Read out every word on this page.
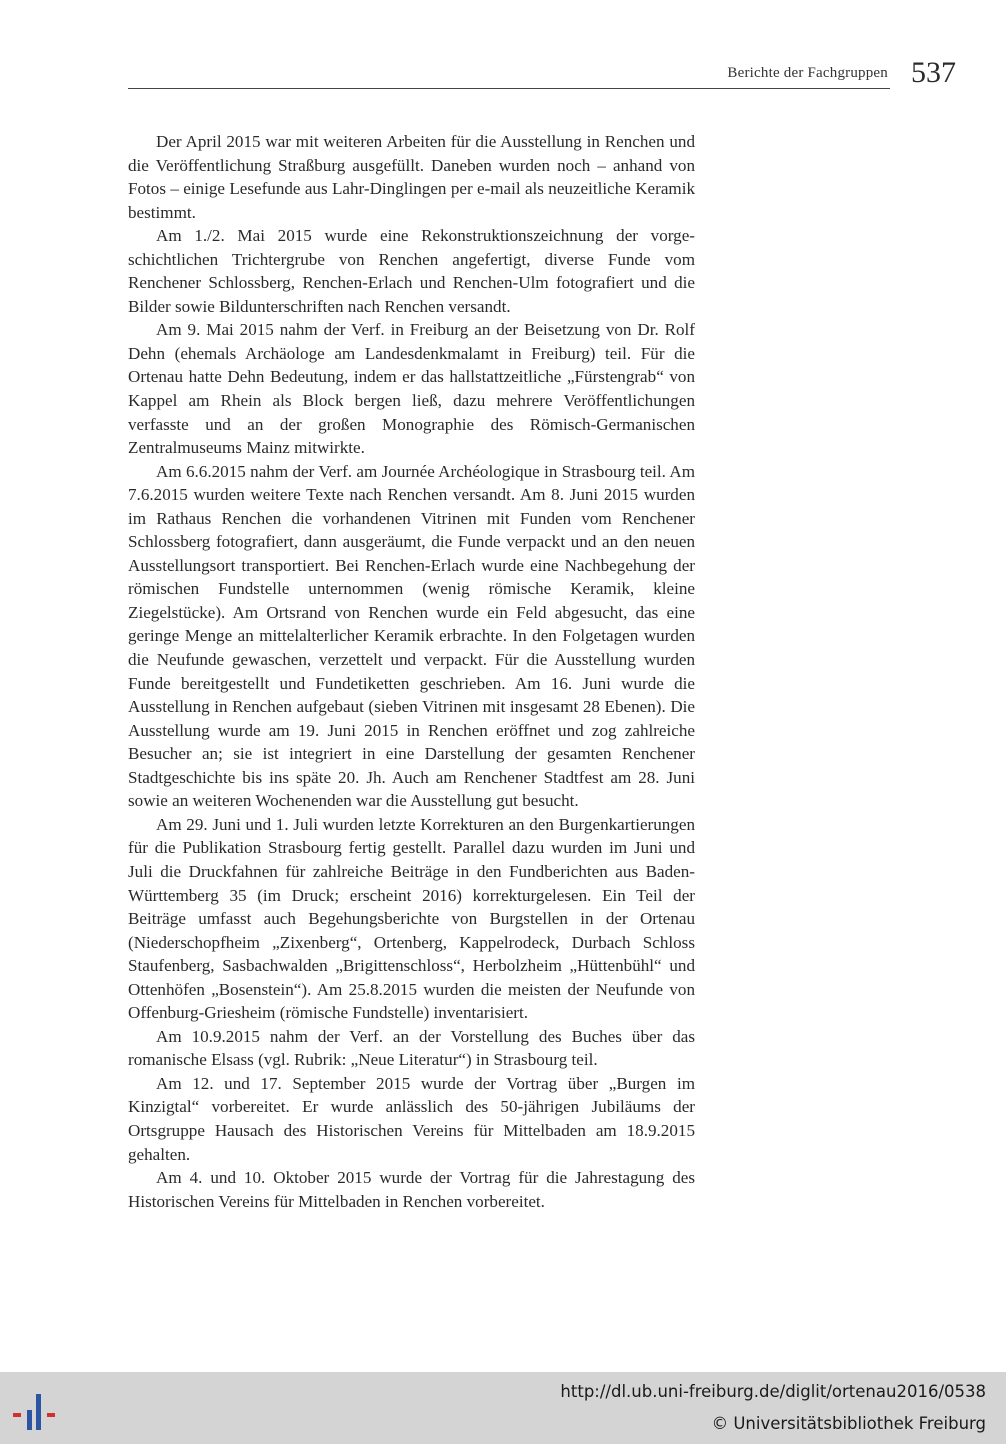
Berichte der Fachgruppen 537

Der April 2015 war mit weiteren Arbeiten für die Ausstellung in Renchen und die Veröffentlichung Straßburg ausgefüllt. Daneben wurden noch – anhand von Fotos – einige Lesefunde aus Lahr-Dinglingen per e-mail als neuzeitliche Keramik bestimmt.

Am 1./2. Mai 2015 wurde eine Rekonstruktionszeichnung der vorgeschichtlichen Trichtergrube von Renchen angefertigt, diverse Funde vom Renchener Schlossberg, Renchen-Erlach und Renchen-Ulm fotografiert und die Bilder sowie Bildunterschriften nach Renchen versandt.

Am 9. Mai 2015 nahm der Verf. in Freiburg an der Beisetzung von Dr. Rolf Dehn (ehemals Archäologe am Landesdenkmalamt in Freiburg) teil. Für die Ortenau hatte Dehn Bedeutung, indem er das hallstattzeitliche „Fürstengrab“ von Kappel am Rhein als Block bergen ließ, dazu mehrere Veröffentlichungen verfasste und an der großen Monographie des Römisch-Germanischen Zentralmuseums Mainz mitwirkte.

Am 6.6.2015 nahm der Verf. am Journée Archéologique in Strasbourg teil. Am 7.6.2015 wurden weitere Texte nach Renchen versandt. Am 8. Juni 2015 wurden im Rathaus Renchen die vorhandenen Vitrinen mit Funden vom Renchener Schlossberg fotografiert, dann ausgeräumt, die Funde verpackt und an den neuen Ausstellungsort transportiert. Bei Renchen-Erlach wurde eine Nachbegehung der römischen Fundstelle unternommen (wenig römische Keramik, kleine Ziegelstücke). Am Ortsrand von Renchen wurde ein Feld abgesucht, das eine geringe Menge an mittelalterlicher Keramik erbrachte. In den Folgetagen wurden die Neufunde gewaschen, verzettelt und verpackt. Für die Ausstellung wurden Funde bereitgestellt und Fundetiketten geschrieben. Am 16. Juni wurde die Ausstellung in Renchen aufgebaut (sieben Vitrinen mit insgesamt 28 Ebenen). Die Ausstellung wurde am 19. Juni 2015 in Renchen eröffnet und zog zahlreiche Besucher an; sie ist integriert in eine Darstellung der gesamten Renchener Stadtgeschichte bis ins späte 20. Jh. Auch am Renchener Stadtfest am 28. Juni sowie an weiteren Wochenenden war die Ausstellung gut besucht.

Am 29. Juni und 1. Juli wurden letzte Korrekturen an den Burgenkartierungen für die Publikation Strasbourg fertig gestellt. Parallel dazu wurden im Juni und Juli die Druckfahnen für zahlreiche Beiträge in den Fundberichten aus Baden-Württemberg 35 (im Druck; erscheint 2016) korrekturgelesen. Ein Teil der Beiträge umfasst auch Begehungsberichte von Burgstellen in der Ortenau (Niederschopfheim „Zixenberg“, Ortenberg, Kappelrodeck, Durbach Schloss Staufenberg, Sasbachwalden „Brigittenschloss“, Herbolzheim „Hüttenbühl“ und Ottenhöfen „Bosenstein“). Am 25.8.2015 wurden die meisten der Neufunde von Offenburg-Griesheim (römische Fundstelle) inventarisiert.

Am 10.9.2015 nahm der Verf. an der Vorstellung des Buches über das romanische Elsass (vgl. Rubrik: „Neue Literatur“) in Strasbourg teil.

Am 12. und 17. September 2015 wurde der Vortrag über „Burgen im Kinzigtal“ vorbereitet. Er wurde anlässlich des 50-jährigen Jubiläums der Ortsgruppe Hausach des Historischen Vereins für Mittelbaden am 18.9.2015 gehalten.

Am 4. und 10. Oktober 2015 wurde der Vortrag für die Jahrestagung des Historischen Vereins für Mittelbaden in Renchen vorbereitet.

http://dl.ub.uni-freiburg.de/diglit/ortenau2016/0538
© Universitätsbibliothek Freiburg
